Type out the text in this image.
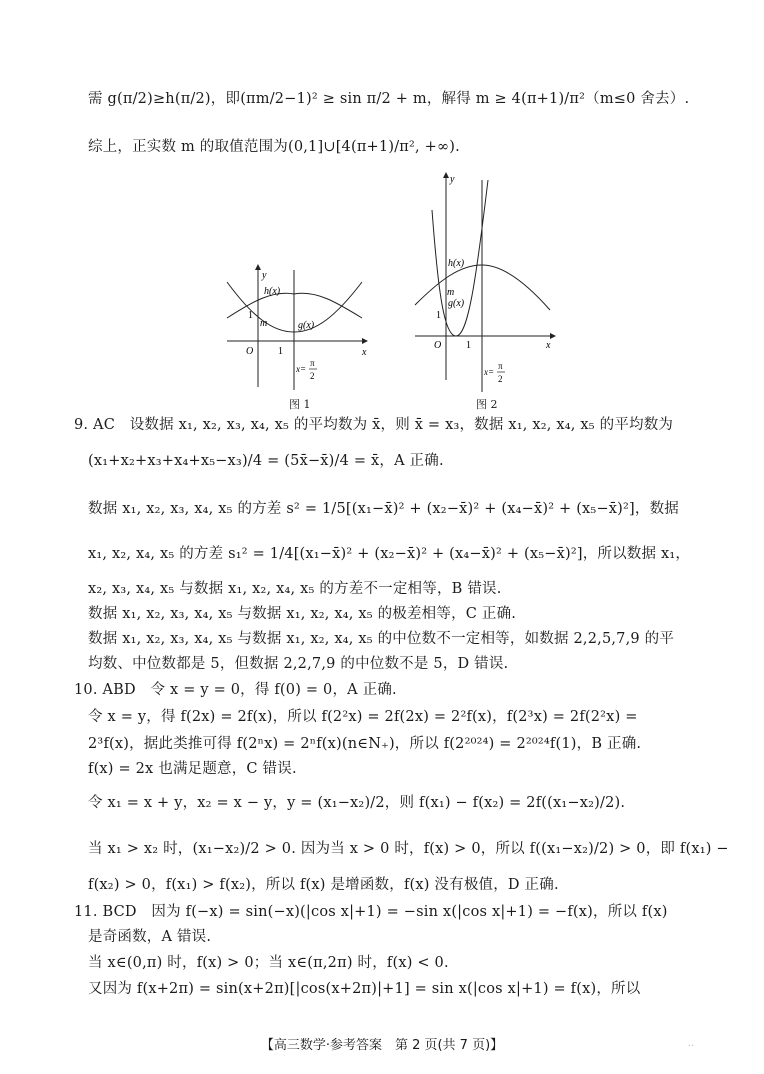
需 g(π/2)≥h(π/2)，即(πm/2−1)² ≥ sin π/2 + m，解得 m ≥ 4(π+1)/π²（m≤0 舍去）.
综上，正实数 m 的取值范围为(0,1]∪[4(π+1)/π², +∞).
y
x
O 1
1
h(x)
g(x)
m
x=
π
2
图 1
y
x
O 1
1
h(x)
g(x)
m
x=
π
2
图 2
9. AC　设数据 x₁, x₂, x₃, x₄, x₅ 的平均数为 x̄，则 x̄ = x₃，数据 x₁, x₂, x₄, x₅ 的平均数为
(x₁+x₂+x₃+x₄+x₅−x₃)/4 = (5x̄−x̄)/4 = x̄，A 正确.
数据 x₁, x₂, x₃, x₄, x₅ 的方差 s² = 1/5[(x₁−x̄)² + (x₂−x̄)² + (x₄−x̄)² + (x₅−x̄)²]，数据
x₁, x₂, x₄, x₅ 的方差 s₁² = 1/4[(x₁−x̄)² + (x₂−x̄)² + (x₄−x̄)² + (x₅−x̄)²]，所以数据 x₁，
x₂, x₃, x₄, x₅ 与数据 x₁, x₂, x₄, x₅ 的方差不一定相等，B 错误.
数据 x₁, x₂, x₃, x₄, x₅ 与数据 x₁, x₂, x₄, x₅ 的极差相等，C 正确.
数据 x₁, x₂, x₃, x₄, x₅ 与数据 x₁, x₂, x₄, x₅ 的中位数不一定相等，如数据 2,2,5,7,9 的平
均数、中位数都是 5，但数据 2,2,7,9 的中位数不是 5，D 错误.
10. ABD　令 x = y = 0，得 f(0) = 0，A 正确.
令 x = y，得 f(2x) = 2f(x)，所以 f(2²x) = 2f(2x) = 2²f(x)，f(2³x) = 2f(2²x) =
2³f(x)，据此类推可得 f(2ⁿx) = 2ⁿf(x)(n∈N₊)，所以 f(2²⁰²⁴) = 2²⁰²⁴f(1)，B 正确.
f(x) = 2x 也满足题意，C 错误.
令 x₁ = x + y，x₂ = x − y，y = (x₁−x₂)/2，则 f(x₁) − f(x₂) = 2f((x₁−x₂)/2).
当 x₁ > x₂ 时，(x₁−x₂)/2 > 0. 因为当 x > 0 时，f(x) > 0，所以 f((x₁−x₂)/2) > 0，即 f(x₁) −
f(x₂) > 0，f(x₁) > f(x₂)，所以 f(x) 是增函数，f(x) 没有极值，D 正确.
11. BCD　因为 f(−x) = sin(−x)(|cos x|+1) = −sin x(|cos x|+1) = −f(x)，所以 f(x)
是奇函数，A 错误.
当 x∈(0,π) 时，f(x) > 0；当 x∈(π,2π) 时，f(x) < 0.
又因为 f(x+2π) = sin(x+2π)[|cos(x+2π)|+1] = sin x(|cos x|+1) = f(x)，所以
【高三数学·参考答案　第 2 页(共 7 页)】	..
